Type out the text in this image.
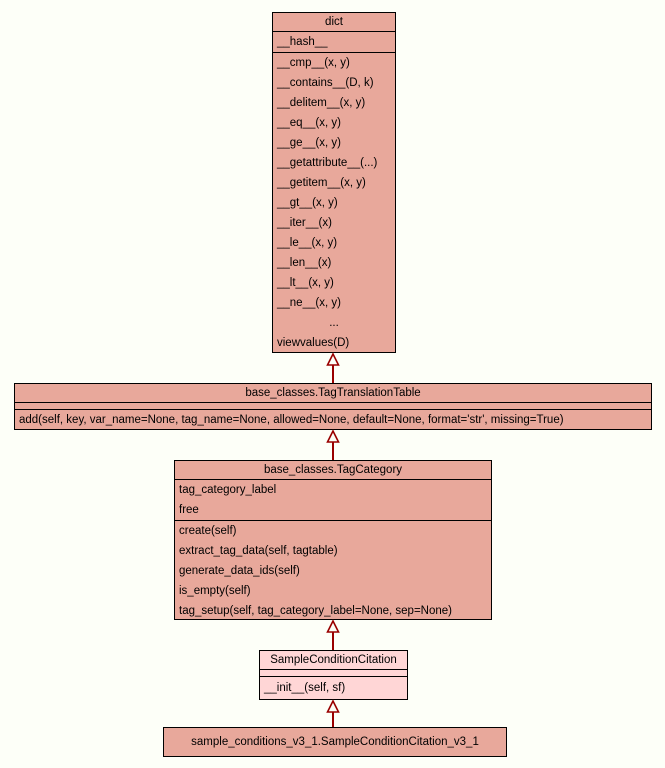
dict
__hash__
__cmp__(x, y)
__contains__(D, k)
__delitem__(x, y)
__eq__(x, y)
__ge__(x, y)
__getattribute__(...)
__getitem__(x, y)
__gt__(x, y)
__iter__(x)
__le__(x, y)
__len__(x)
__lt__(x, y)
__ne__(x, y)
...
viewvalues(D)
base_classes.TagTranslationTable
add(self, key, var_name=None, tag_name=None, allowed=None, default=None, format='str', missing=True)
base_classes.TagCategory
tag_category_label
free
create(self)
extract_tag_data(self, tagtable)
generate_data_ids(self)
is_empty(self)
tag_setup(self, tag_category_label=None, sep=None)
SampleConditionCitation
__init__(self, sf)
sample_conditions_v3_1.SampleConditionCitation_v3_1
